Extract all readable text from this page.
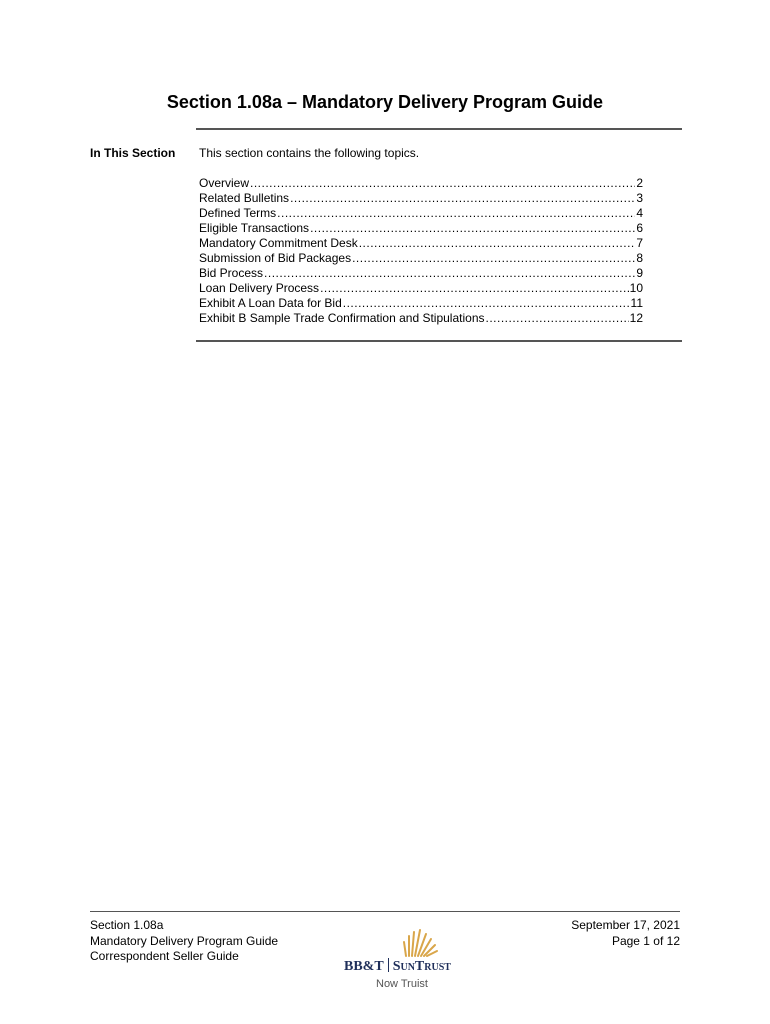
Section 1.08a – Mandatory Delivery Program Guide
In This Section This section contains the following topics.
Overview .....	2
Related Bulletins .....	3
Defined Terms .....	4
Eligible Transactions .....	6
Mandatory Commitment Desk .....	7
Submission of Bid Packages .....	8
Bid Process .....	9
Loan Delivery Process .....	10
Exhibit A Loan Data for Bid .....	11
Exhibit B Sample Trade Confirmation and Stipulations .....	12
Section 1.08a
Mandatory Delivery Program Guide
Correspondent Seller Guide
September 17, 2021
Page 1 of 12
BB&T SunTrust
Now Truist
